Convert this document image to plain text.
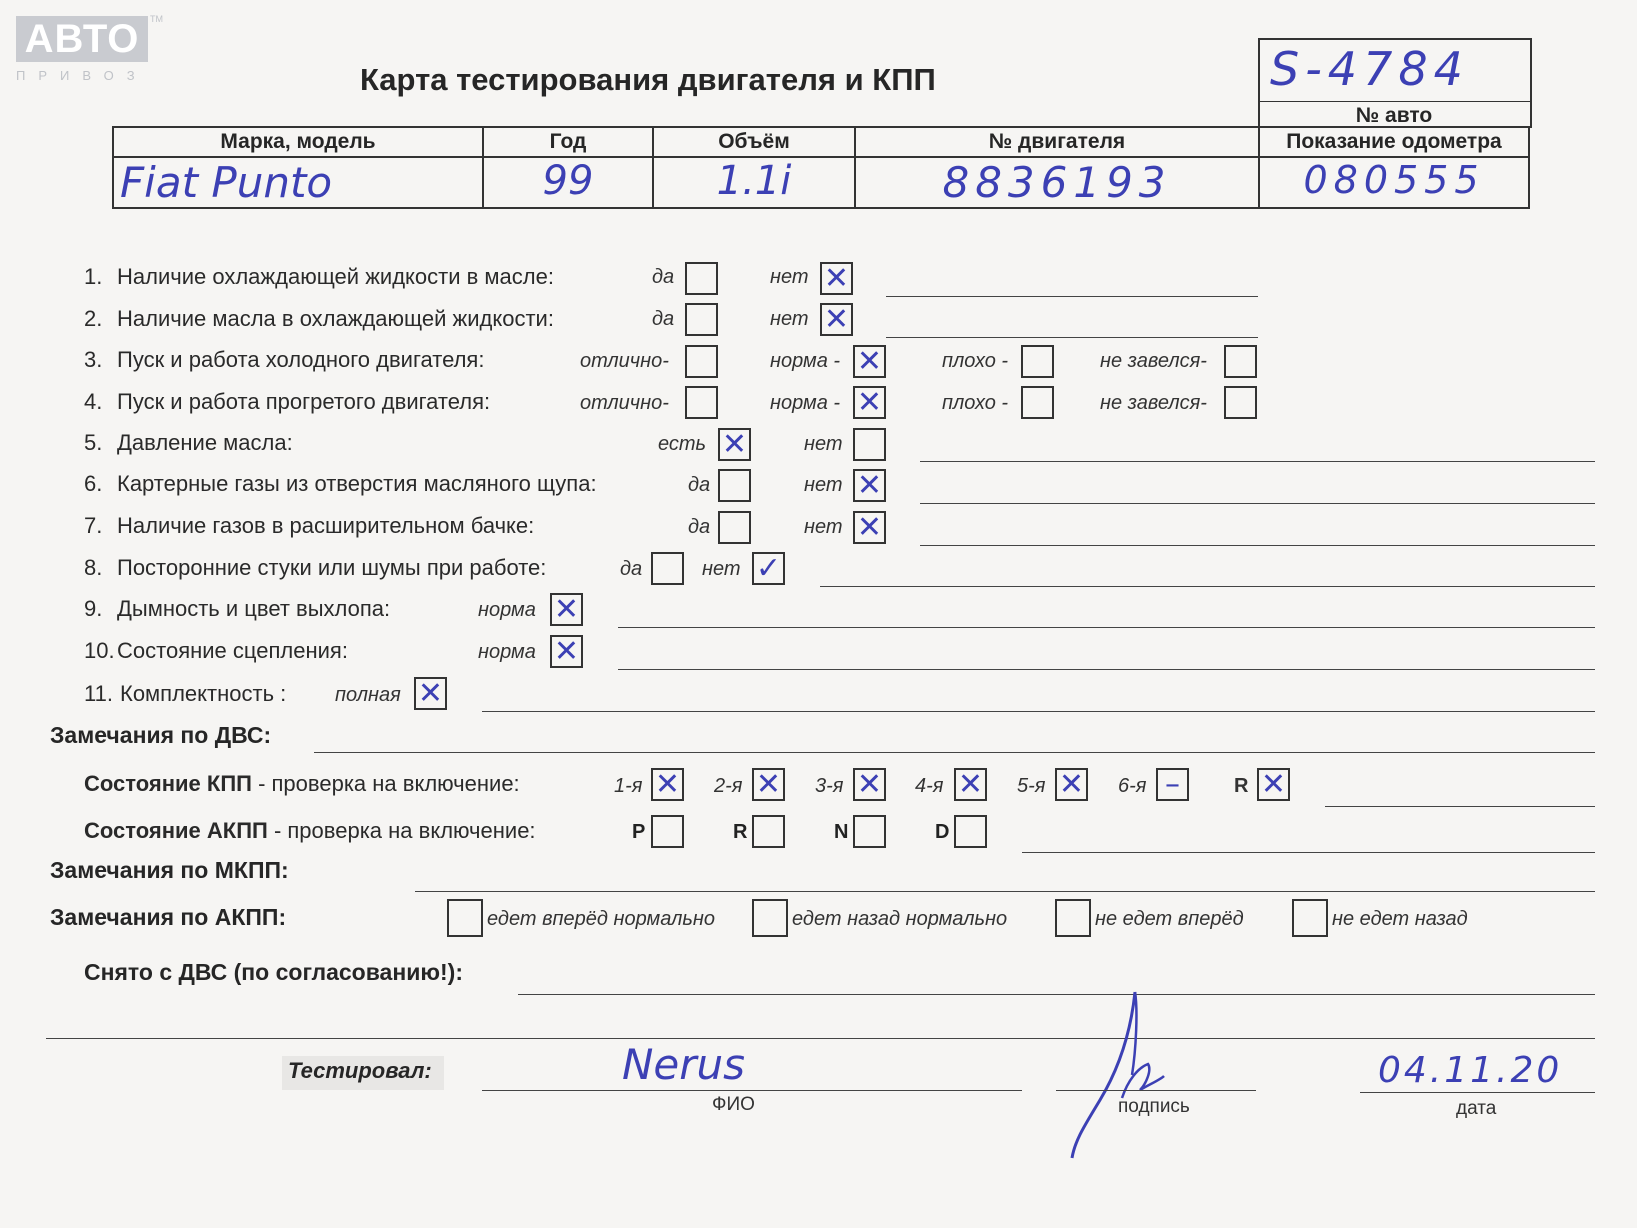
АВТО	TM
ПРИВОЗ	Карта тестирования двигателя и КПП	S-4784
№ авто
Марка, модель	Год	Объём	№ двигателя	Показание одометра
Fiat Punto	99	1.1i	8836193	080555
1. Наличие охлаждающей жидкости в масле:	да	нет ✕
2. Наличие масла в охлаждающей жидкости:	да	нет ✕
3. Пуск и работа холодного двигателя:	отлично-	норма - ✕	плохо -	не завелся-
4. Пуск и работа прогретого двигателя:	отлично-	норма - ✕	плохо -	не завелся-
5. Давление масла:	есть ✕	нет
6. Картерные газы из отверстия масляного щупа:	да	нет ✕
7. Наличие газов в расширительном бачке:	да	нет ✕
8. Посторонние стуки или шумы при работе:	да	нет ✓
9. Дымность и цвет выхлопа:	норма ✕
10. Состояние сцепления:	норма ✕
11. Комплектность : полная ✕
Замечания по ДВС:
Состояние КПП - проверка на включение:	1-я ✕ 2-я ✕ 3-я ✕ 4-я ✕ 5-я ✕ 6-я –	R ✕
Состояние АКПП - проверка на включение:	P	R	N	D
Замечания по МКПП:
Замечания по АКПП:	едет вперёд нормально	едет назад нормально	не едет вперёд	не едет назад
Снято с ДВС (по согласованию!):
Тестировал:	Nerus
ФИО	подпись
04.11.20
дата
